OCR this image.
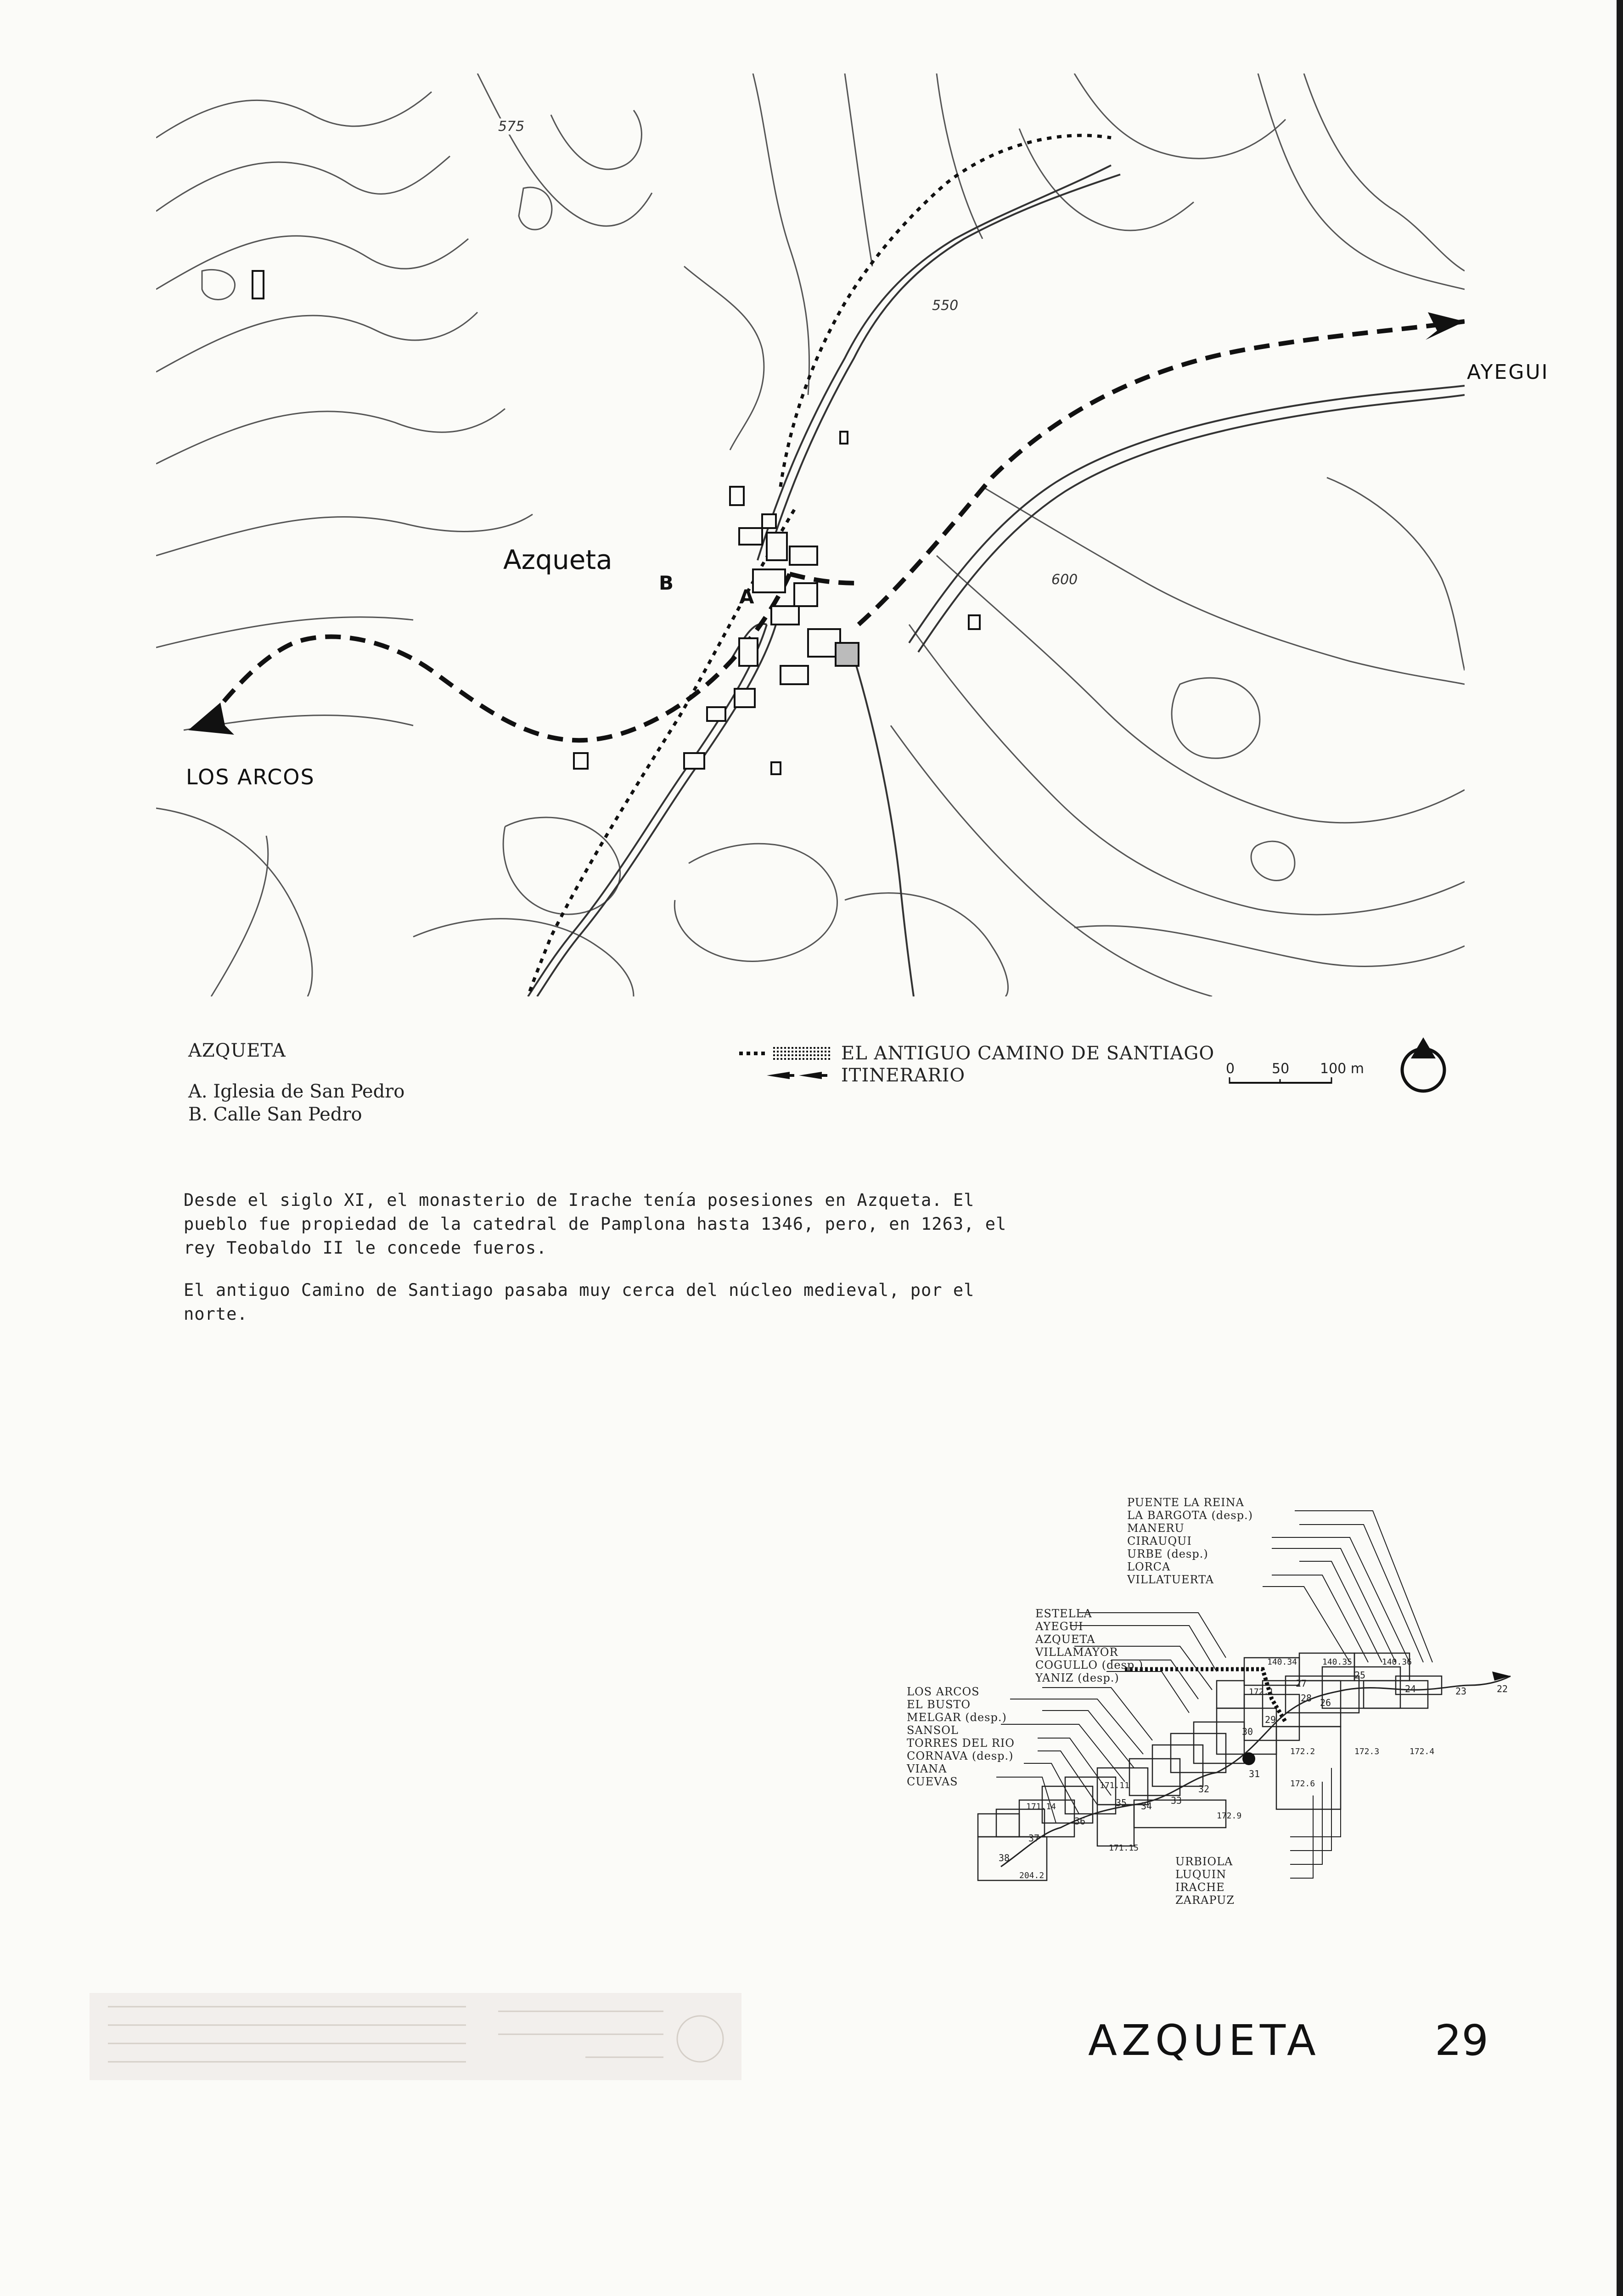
AYEGUI
LOS ARCOS
Azqueta
A
B
575
550
600
AZQUETA
A. Iglesia de San Pedro
B. Calle San Pedro
EL ANTIGUO CAMINO DE SANTIAGO
ITINERARIO	0	50 100 m
Desde el siglo XI, el monasterio de Irache tenía posesiones en Azqueta. El pueblo fue propiedad de la catedral de Pamplona hasta 1346, pero, en 1263, el rey Teobaldo II le concede fueros.
El antiguo Camino de Santiago pasaba muy cerca del núcleo medieval, por el norte.
140.34	140.35	140.36
172.1
172.2	172.3	172.4
172.6
172.9
171.11
171.14
171.15
204.2
22
23
24
25
26
27
28
29
30
31
32
33
34
35
36
37
38
PUENTE LA REINA
LA BARGOTA (desp.)
MANERU
CIRAUQUI
URBE (desp.)
LORCA
VILLATUERTA
ESTELLA
AYEGUI
AZQUETA
VILLAMAYOR
COGULLO (desp.)
YANIZ (desp.)
LOS ARCOS
EL BUSTO
MELGAR (desp.)
SANSOL
TORRES DEL RIO
CORNAVA (desp.)
VIANA
CUEVAS
URBIOLA
LUQUIN
IRACHE
ZARAPUZ
AZQUETA	29
